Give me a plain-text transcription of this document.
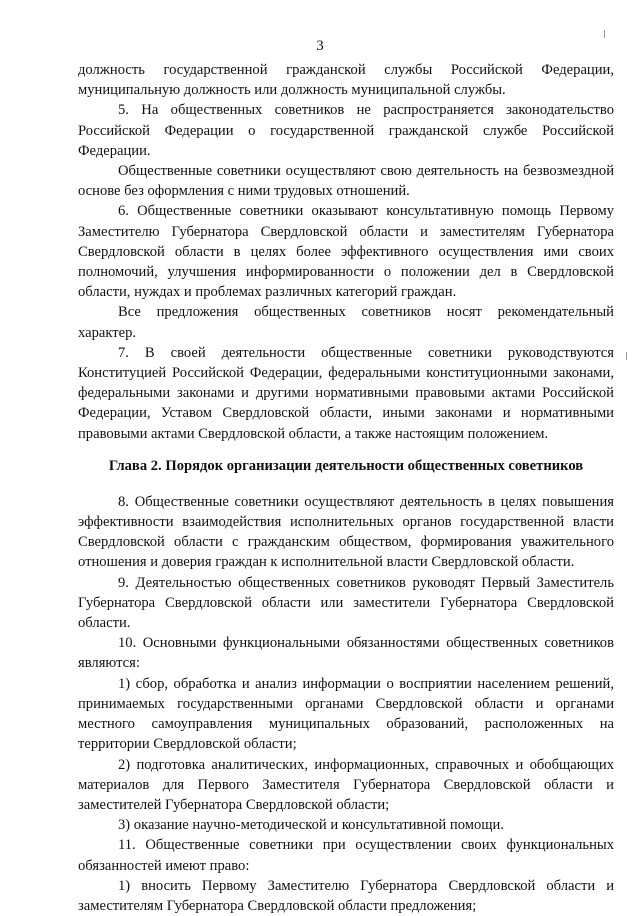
3

должность государственной гражданской службы Российской Федерации, муниципальную должность или должность муниципальной службы.

5. На общественных советников не распространяется законодательство Российской Федерации о государственной гражданской службе Российской Федерации.

Общественные советники осуществляют свою деятельность на безвозмездной основе без оформления с ними трудовых отношений.

6. Общественные советники оказывают консультативную помощь Первому Заместителю Губернатора Свердловской области и заместителям Губернатора Свердловской области в целях более эффективного осуществления ими своих полномочий, улучшения информированности о положении дел в Свердловской области, нуждах и проблемах различных категорий граждан.

Все предложения общественных советников носят рекомендательный характер.

7. В своей деятельности общественные советники руководствуются Конституцией Российской Федерации, федеральными конституционными законами, федеральными законами и другими нормативными правовыми актами Российской Федерации, Уставом Свердловской области, иными законами и нормативными правовыми актами Свердловской области, а также настоящим положением.

Глава 2. Порядок организации деятельности общественных советников

8. Общественные советники осуществляют деятельность в целях повышения эффективности взаимодействия исполнительных органов государственной власти Свердловской области с гражданским обществом, формирования уважительного отношения и доверия граждан к исполнительной власти Свердловской области.

9. Деятельностью общественных советников руководят Первый Заместитель Губернатора Свердловской области или заместители Губернатора Свердловской области.

10. Основными функциональными обязанностями общественных советников являются:

1) сбор, обработка и анализ информации о восприятии населением решений, принимаемых государственными органами Свердловской области и органами местного самоуправления муниципальных образований, расположенных на территории Свердловской области;

2) подготовка аналитических, информационных, справочных и обобщающих материалов для Первого Заместителя Губернатора Свердловской области и заместителей Губернатора Свердловской области;

3) оказание научно-методической и консультативной помощи.

11. Общественные советники при осуществлении своих функциональных обязанностей имеют право:

1) вносить Первому Заместителю Губернатора Свердловской области и заместителям Губернатора Свердловской области предложения;
